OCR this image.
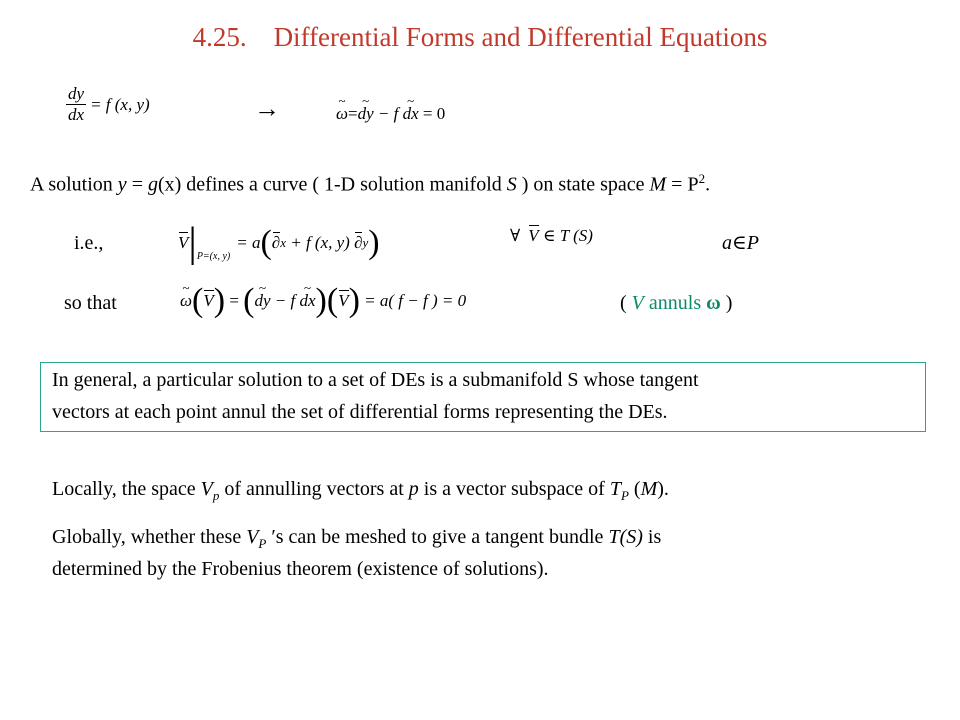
4.25.    Differential Forms and Differential Equations
$\frac{dy}{dx} = f$ (x, y)	→	~ ω = ~ dy − f ~ dx = 0
A solution y = g(x) defines a curve ( 1-D solution manifold S ) on state space $M = P^2$.
i.e.,	V | P=(x, y)
= a ( ∂ x + f (x, y) ∂ y )	∀ V ∈ T (S)	a∈P
so that	~ ω ( V ) = ( ~ dy − f ~ dx ) ( V ) = a( f − f ) = 0	( V annuls ω )
In general, a particular solution to a set of DEs is a submanifold S whose tangent
vectors at each point annul the set of differential forms representing the DEs.
Locally, the space $V_p$ of annulling vectors at p is a vector subspace of $T_P$ (M).
Globally, whether these $V_P$ ′s can be meshed to give a tangent bundle T(S) is
determined by the Frobenius theorem (existence of solutions).
